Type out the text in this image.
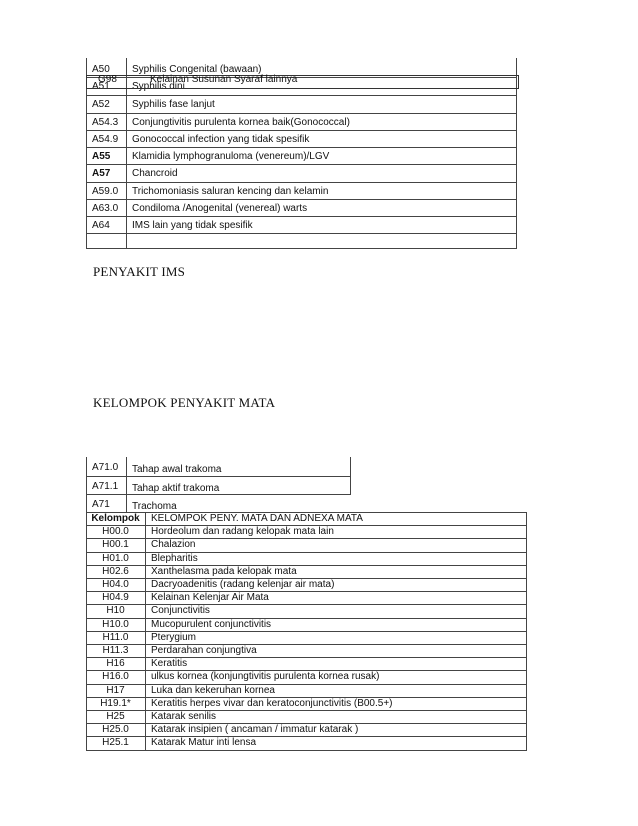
A50 Syphilis Congenital (bawaan)
A51 Syphilis dini
A52 Syphilis fase lanjut
A54.3 Conjungtivitis purulenta kornea baik(Gonococcal)
A54.9 Gonococcal infection yang tidak spesifik
A55 Klamidia lymphogranuloma (venereum)/LGV
A57 Chancroid
A59.0 Trichomoniasis saluran kencing dan kelamin
A63.0 Condiloma /Anogenital (venereal) warts
A64 IMS lain yang tidak spesifik
G98	Kelainan Susunan Syaraf lainnya
PENYAKIT IMS
KELOMPOK PENYAKIT MATA
A71.0 Tahap awal trakoma
A71.1 Tahap aktif trakoma
A71 Trachoma
Kelompok	KELOMPOK PENY. MATA DAN ADNEXA MATA
H00.0	Hordeolum dan radang kelopak mata lain
H00.1	Chalazion
H01.0	Blepharitis
H02.6	Xanthelasma pada kelopak mata
H04.0	Dacryoadenitis (radang kelenjar air mata)
H04.9	Kelainan Kelenjar Air Mata
H10	Conjunctivitis
H10.0	Mucopurulent conjunctivitis
H11.0	Pterygium
H11.3	Perdarahan conjungtiva
H16	Keratitis
H16.0	ulkus kornea (konjungtivitis purulenta kornea rusak)
H17	Luka dan kekeruhan kornea
H19.1*	Keratitis herpes vivar dan keratoconjunctivitis (B00.5+)
H25	Katarak senilis
H25.0	Katarak insipien ( ancaman / immatur katarak )
H25.1	Katarak Matur inti lensa
